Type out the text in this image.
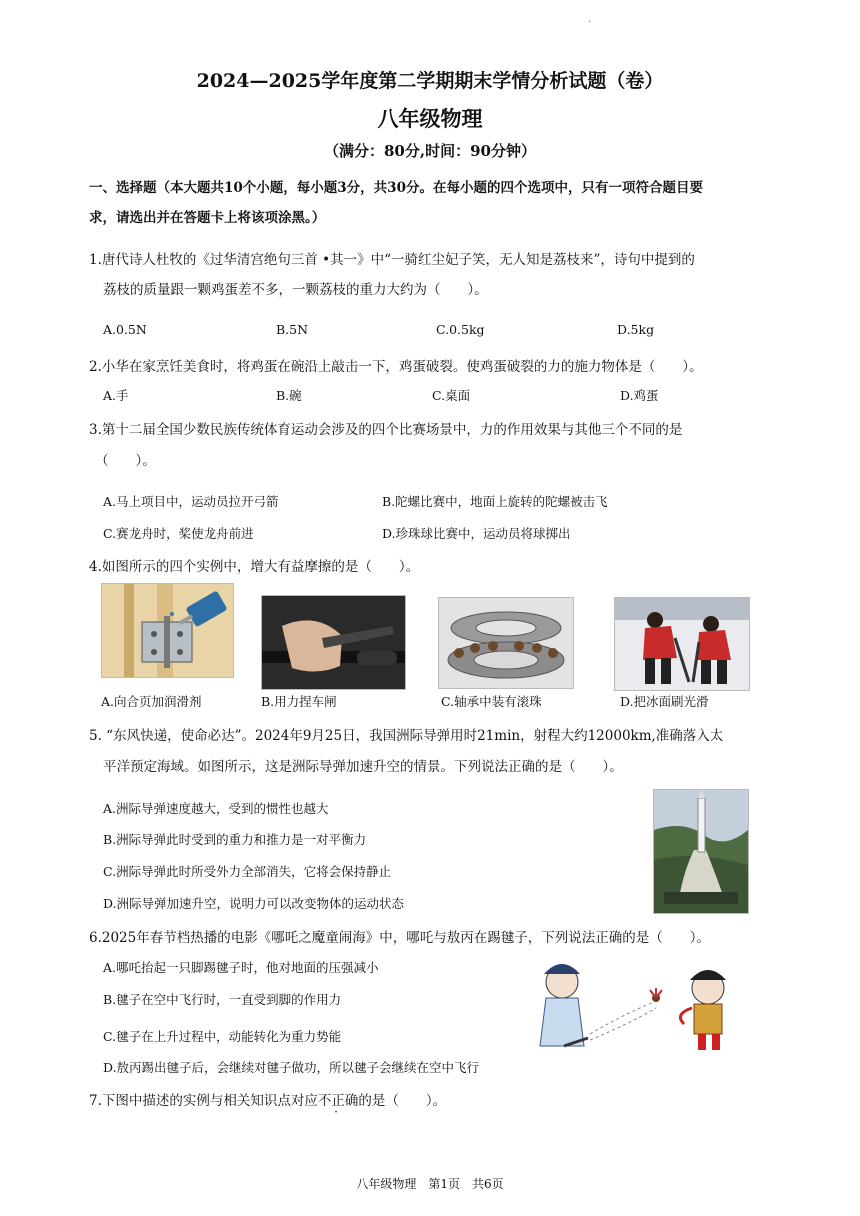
.
2024—2025学年度第二学期期末学情分析试题（卷）
八年级物理
（满分：80分,时间：90分钟）
一、选择题（本大题共10个小题，每小题3分，共30分。在每小题的四个选项中，只有一项符合题目要
求，请选出并在答题卡上将该项涂黑。）
1.唐代诗人杜牧的《过华清宫绝句三首 •其一》中“一骑红尘妃子笑，无人知是荔枝来”，诗句中提到的
荔枝的质量跟一颗鸡蛋差不多，一颗荔枝的重力大约为（　　）。
A.0.5N	B.5N	C.0.5kg	D.5kg
2.小华在家烹饪美食时，将鸡蛋在碗沿上敲击一下，鸡蛋破裂。使鸡蛋破裂的力的施力物体是（　　）。
A.手	B.碗	C.桌面	D.鸡蛋
3.第十二届全国少数民族传统体育运动会涉及的四个比赛场景中，力的作用效果与其他三个不同的是
（　　）。
A.马上项目中，运动员拉开弓箭	B.陀螺比赛中，地面上旋转的陀螺被击飞
C.赛龙舟时，桨使龙舟前进	D.珍珠球比赛中，运动员将球掷出
4.如图所示的四个实例中，增大有益摩擦的是（　　）。
A.向合页加润滑剂	B.用力捏车闸	C.轴承中装有滚珠	D.把冰面刷光滑
5. “东风快递，使命必达”。2024年9月25日，我国洲际导弹用时21min，射程大约12000km,准确落入太
平洋预定海域。如图所示，这是洲际导弹加速升空的情景。下列说法正确的是（　　）。
A.洲际导弹速度越大，受到的惯性也越大
B.洲际导弹此时受到的重力和推力是一对平衡力
C.洲际导弹此时所受外力全部消失，它将会保持静止
D.洲际导弹加速升空，说明力可以改变物体的运动状态
6.2025年春节档热播的电影《哪吒之魔童闹海》中，哪吒与敖丙在踢毽子，下列说法正确的是（　　）。
A.哪吒抬起一只脚踢毽子时，他对地面的压强减小
B.毽子在空中飞行时，一直受到脚的作用力
C.毽子在上升过程中，动能转化为重力势能
D.敖丙踢出毽子后，会继续对毽子做功，所以毽子会继续在空中飞行
7.下图中描述的实例与相关知识点对应不正确的是（　　）。
八年级物理　第1页　共6页
